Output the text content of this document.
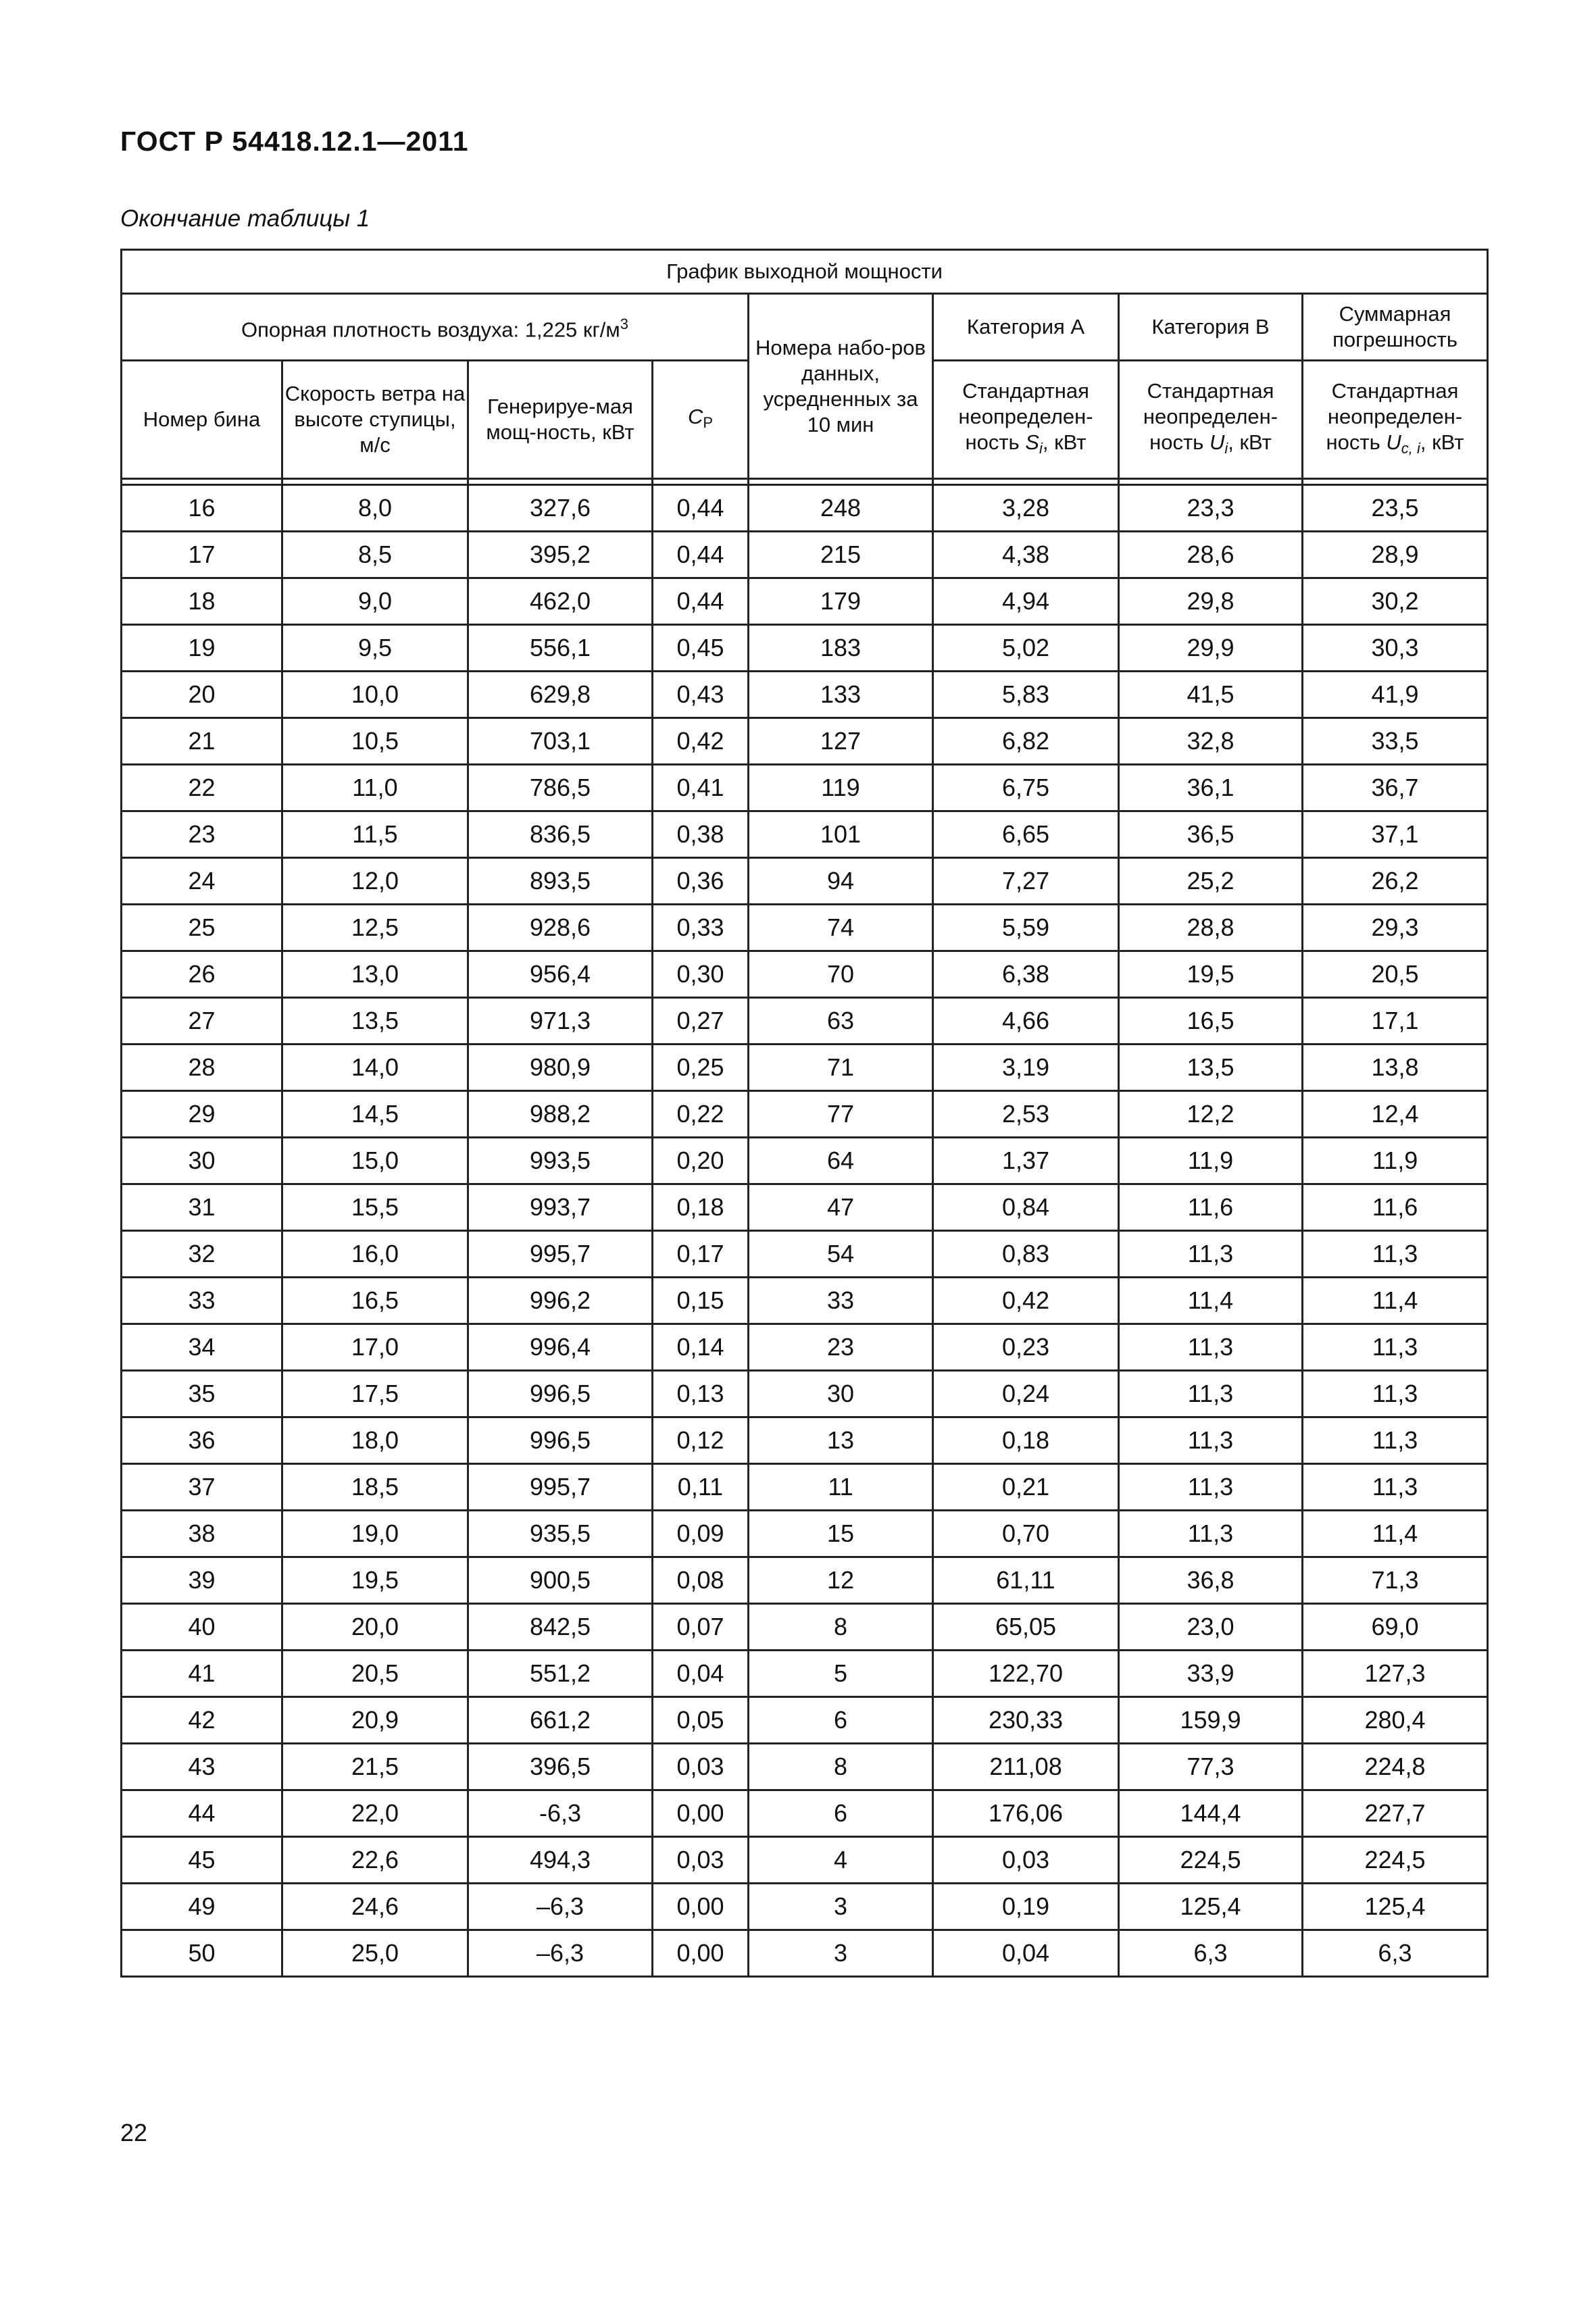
ГОСТ Р 54418.12.1—2011
Окончание таблицы 1
График выходной мощности							
Опорная плотность воздуха: 1,225 $кг/м^3$				Номера набо-ров данных, усредненных за 10 мин	Категория А	Категория В	Суммарная погрешность
Номер бина	Скорость ветра на высоте ступицы, м/с	Генерируе-мая мощ-ность, кВт	$C_P$		Стандартная неопределен-ность $S_i$, кВт	Стандартная неопределен-ность $U_i$, кВт	Стандартная неопределен-ность $U_{c, i}$, кВт

16	8,0	327,6	0,44	248	3,28	23,3	23,5
17	8,5	395,2	0,44	215	4,38	28,6	28,9
18	9,0	462,0	0,44	179	4,94	29,8	30,2
19	9,5	556,1	0,45	183	5,02	29,9	30,3
20	10,0	629,8	0,43	133	5,83	41,5	41,9
21	10,5	703,1	0,42	127	6,82	32,8	33,5
22	11,0	786,5	0,41	119	6,75	36,1	36,7
23	11,5	836,5	0,38	101	6,65	36,5	37,1
24	12,0	893,5	0,36	94	7,27	25,2	26,2
25	12,5	928,6	0,33	74	5,59	28,8	29,3
26	13,0	956,4	0,30	70	6,38	19,5	20,5
27	13,5	971,3	0,27	63	4,66	16,5	17,1
28	14,0	980,9	0,25	71	3,19	13,5	13,8
29	14,5	988,2	0,22	77	2,53	12,2	12,4
30	15,0	993,5	0,20	64	1,37	11,9	11,9
31	15,5	993,7	0,18	47	0,84	11,6	11,6
32	16,0	995,7	0,17	54	0,83	11,3	11,3
33	16,5	996,2	0,15	33	0,42	11,4	11,4
34	17,0	996,4	0,14	23	0,23	11,3	11,3
35	17,5	996,5	0,13	30	0,24	11,3	11,3
36	18,0	996,5	0,12	13	0,18	11,3	11,3
37	18,5	995,7	0,11	11	0,21	11,3	11,3
38	19,0	935,5	0,09	15	0,70	11,3	11,4
39	19,5	900,5	0,08	12	61,11	36,8	71,3
40	20,0	842,5	0,07	8	65,05	23,0	69,0
41	20,5	551,2	0,04	5	122,70	33,9	127,3
42	20,9	661,2	0,05	6	230,33	159,9	280,4
43	21,5	396,5	0,03	8	211,08	77,3	224,8
44	22,0	-6,3	0,00	6	176,06	144,4	227,7
45	22,6	494,3	0,03	4	0,03	224,5	224,5
49	24,6	–6,3	0,00	3	0,19	125,4	125,4
50	25,0	–6,3	0,00	3	0,04	6,3	6,3
22
